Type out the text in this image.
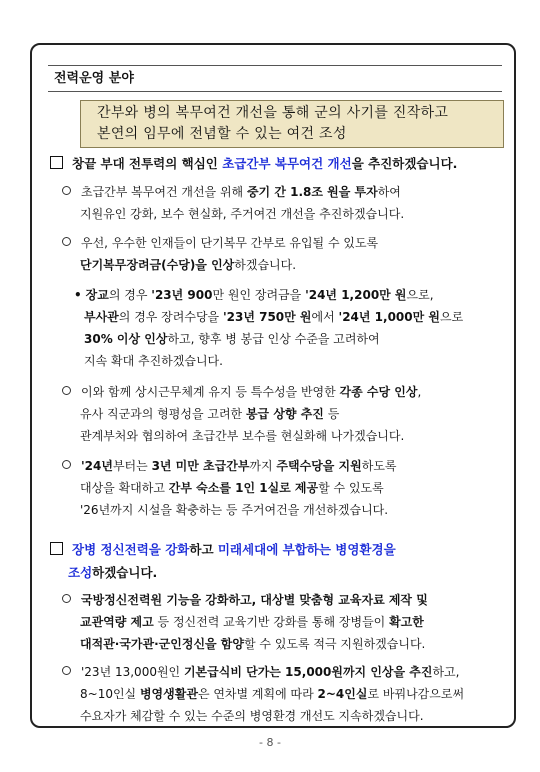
전력운영 분야
간부와 병의 복무여건 개선을 통해 군의 사기를 진작하고
본연의 임무에 전념할 수 있는 여건 조성
창끝 부대 전투력의 핵심인 초급간부 복무여건 개선을 추진하겠습니다.
초급간부 복무여건 개선을 위해 중기 간 1.8조 원을 투자하여
지원유인 강화, 보수 현실화, 주거여건 개선을 추진하겠습니다.
우선, 우수한 인재들이 단기복무 간부로 유입될 수 있도록
단기복무장려금(수당)을 인상하겠습니다.
• 장교의 경우 '23년 900만 원인 장려금을 '24년 1,200만 원으로,
부사관의 경우 장려수당을 '23년 750만 원에서 '24년 1,000만 원으로
30% 이상 인상하고, 향후 병 봉급 인상 수준을 고려하여
지속 확대 추진하겠습니다.
이와 함께 상시근무체계 유지 등 특수성을 반영한 각종 수당 인상,
유사 직군과의 형평성을 고려한 봉급 상향 추진 등
관계부처와 협의하여 초급간부 보수를 현실화해 나가겠습니다.
'24년부터는 3년 미만 초급간부까지 주택수당을 지원하도록
대상을 확대하고 간부 숙소를 1인 1실로 제공할 수 있도록
'26년까지 시설을 확충하는 등 주거여건을 개선하겠습니다.
장병 정신전력을 강화하고 미래세대에 부합하는 병영환경을
조성하겠습니다.
국방정신전력원 기능을 강화하고, 대상별 맞춤형 교육자료 제작 및
교관역량 제고 등 정신전력 교육기반 강화를 통해 장병들이 확고한
대적관·국가관·군인정신을 함양할 수 있도록 적극 지원하겠습니다.
'23년 13,000원인 기본급식비 단가는 15,000원까지 인상을 추진하고,
8~10인실 병영생활관은 연차별 계획에 따라 2~4인실로 바꿔나감으로써
수요자가 체감할 수 있는 수준의 병영환경 개선도 지속하겠습니다.
- 8 -
